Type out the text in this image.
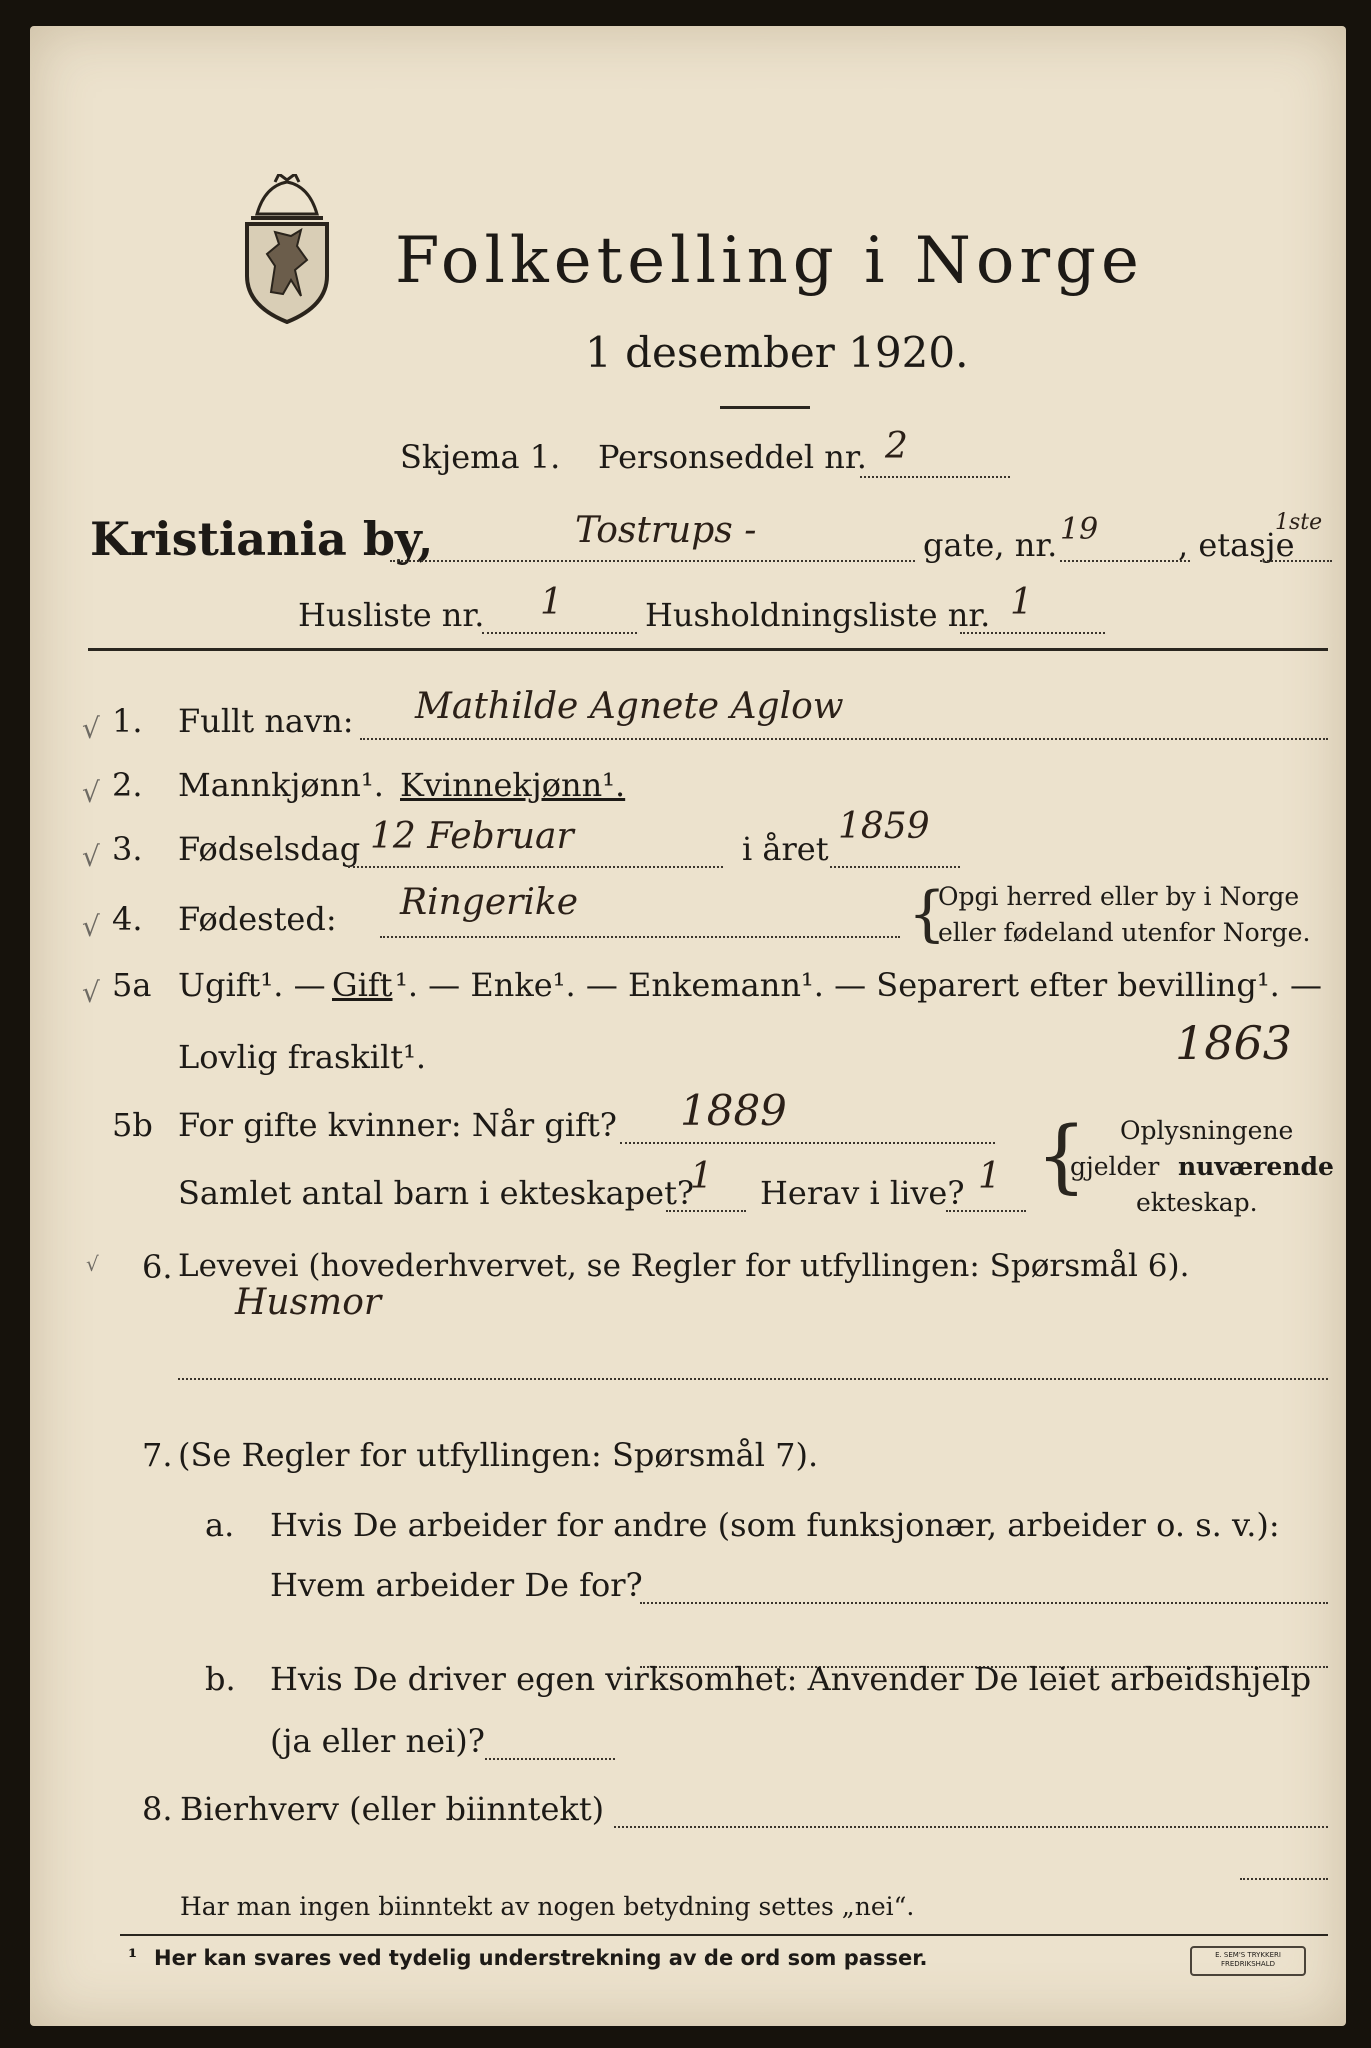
Folketelling i Norge
1 desember 1920.
Skjema 1. Personseddel nr. 2
Kristiania by,	Tostrups -	gate, nr. 19 , etasje
1ste
Husliste nr. 1	Husholdningsliste nr. 1
√ 1. Fullt navn: Mathilde Agnete Aglow
√ 2. Mannkjønn¹. Kvinnekjønn¹.
√ 3. Fødselsdag 12 Februar	i året
1859
√ 4. Fødested: Ringerike	{
Opgi herred eller by i Norge
eller fødeland utenfor Norge.
√ 5a Ugift¹. — Gift ¹. — Enke¹. — Enkemann¹. — Separert efter bevilling¹. —
Lovlig fraskilt¹.	1863
5b For gifte kvinner: Når gift? 1889
Samlet antal barn i ekteskapet?
1 Herav i live? 1 { Oplysningene
gjelder nuværende
ekteskap.
√ 6. Levevei (hovederhvervet, se Regler for utfyllingen: Spørsmål 6).
Husmor
7. (Se Regler for utfyllingen: Spørsmål 7).
a. Hvis De arbeider for andre (som funksjonær, arbeider o. s. v.):
Hvem arbeider De for?
b. Hvis De driver egen virksomhet: Anvender De leiet arbeidshjelp
(ja eller nei)?
8. Bierhverv (eller biinntekt)
Har man ingen biinntekt av nogen betydning settes „nei“.
¹ Her kan svares ved tydelig understrekning av de ord som passer.	E. SEM'S TRYKKERI
FREDRIKSHALD
